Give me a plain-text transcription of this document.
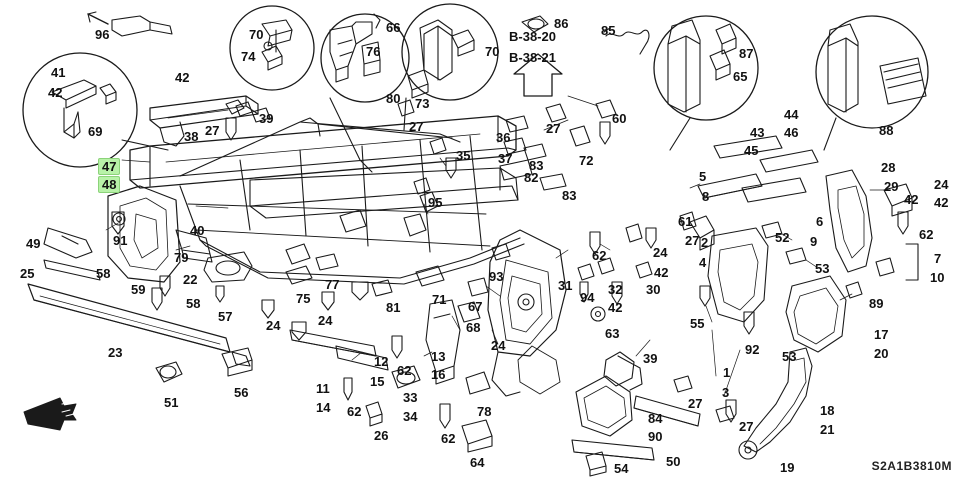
96	70
74	76
66
70
86	85
87
65
41
42
69
42
80 73
27
39
38 27	36
37
27
72
60
83
82
83
35
95
44
46
43
45
88
28
29	24
42
42
5
8
6
9	62
7
10
61
2
4
52
53
62	24
42
27
30
32
42
94
31
89
49	91
40
79
22
59
58
58
25
75
77
81
71 67
93
68	55
92 53
17
20
57
24	24
23
63
24
12
15
13
16
11
14
62
62
51
56	33
34
26	62
78
64
39
1
3
27	18
21
27
19
84
90
50
54
47
48
B-38-20
B-38-21
S2A1B3810M
